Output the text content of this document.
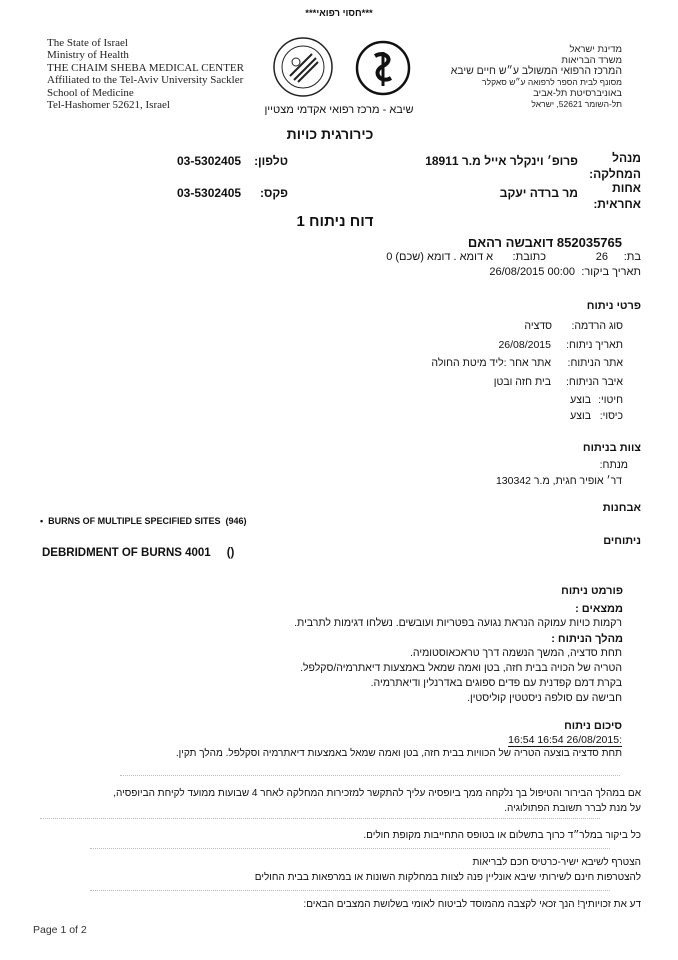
***חסוי רפואי***
The State of Israel
Ministry of Health
THE CHAIM SHEBA MEDICAL CENTER
Affiliated to the Tel-Aviv University Sackler
School of Medicine
Tel-Hashomer 52621, Israel
מדינת ישראל
משרד הבריאות
המרכז הרפואי המשולב ע״ש חיים שיבא
מסונף לבית הספר לרפואה ע״ש סאקלר
באוניברסיטת תל-אביב
תל-השומר 52621, ישראל
שיבא - מרכז רפואי אקדמי מצטיין
כירורגית כויות
מנהל המחלקה:
פרופ׳ וינקלר אייל מ.ר 18911
טלפון:
03-5302405
אחות אחראית:
מר ברדה יעקב
פקס:
03-5302405
דוח ניתוח 1
852035765 דואבשה רהאם
בת:
26
כתובת:
א דומא . דומא (שכם) 0
תאריך ביקור:
26/08/2015 00:00
פרטי ניתוח
סוג הרדמה:
סדציה
תאריך ניתוח:
26/08/2015
אתר הניתוח:
אתר אחר :ליד מיטת החולה
איבר הניתוח:
בית חזה ובטן
חיטוי:
בוצע
כיסוי:
בוצע
צוות בניתוח
מנתח:
דר׳ אופיר חגית, מ.ר 130342
אבחנות
• BURNS OF MULTIPLE SPECIFIED SITES (946)
ניתוחים
DEBRIDMENT OF BURNS 4001 ()
פורמט ניתוח
ממצאים :
רקמות כויות עמוקה הנראת נגועה בפטריות ועובשים. נשלחו דגימות לתרבית.
מהלך הניתוח :
תחת סדציה, המשך הנשמה דרך טראכאוסטומיה.
הטריה של הכויה בבית חזה, בטן ואמה שמאל באמצעות דיאתרמיה/סקלפל.
בקרת דמם קפדנית עם פדים ספוגים באדרנלין ודיאתרמיה.
חבישה עם סולפה ניסטטין קוליסטין.
סיכום ניתוח
16:54 16:54 26/08/2015:
תחת סדציה בוצעה הטריה של הכוויות בבית חזה, בטן ואמה שמאל באמצעות דיאתרמיה וסקלפל. מהלך תקין.
אם במהלך הבירור והטיפול בך נלקחה ממך ביופסיה עליך להתקשר למזכירות המחלקה לאחר 4 שבועות ממועד לקיחת הביופסיה,
על מנת לברר תשובת הפתולוגיה.
כל ביקור במלר״ד כרוך בתשלום או בטופס התחייבות מקופת חולים.
הצטרף לשיבא ישיר-כרטיס חכם לבריאות
להצטרפות חינם לשירותי שיבא אונליין פנה לצוות במחלקות השונות או במרפאות בבית החולים
דע את זכויותיך! הנך זכאי לקצבה מהמוסד לביטוח לאומי בשלושת המצבים הבאים:
Page 1 of 2
